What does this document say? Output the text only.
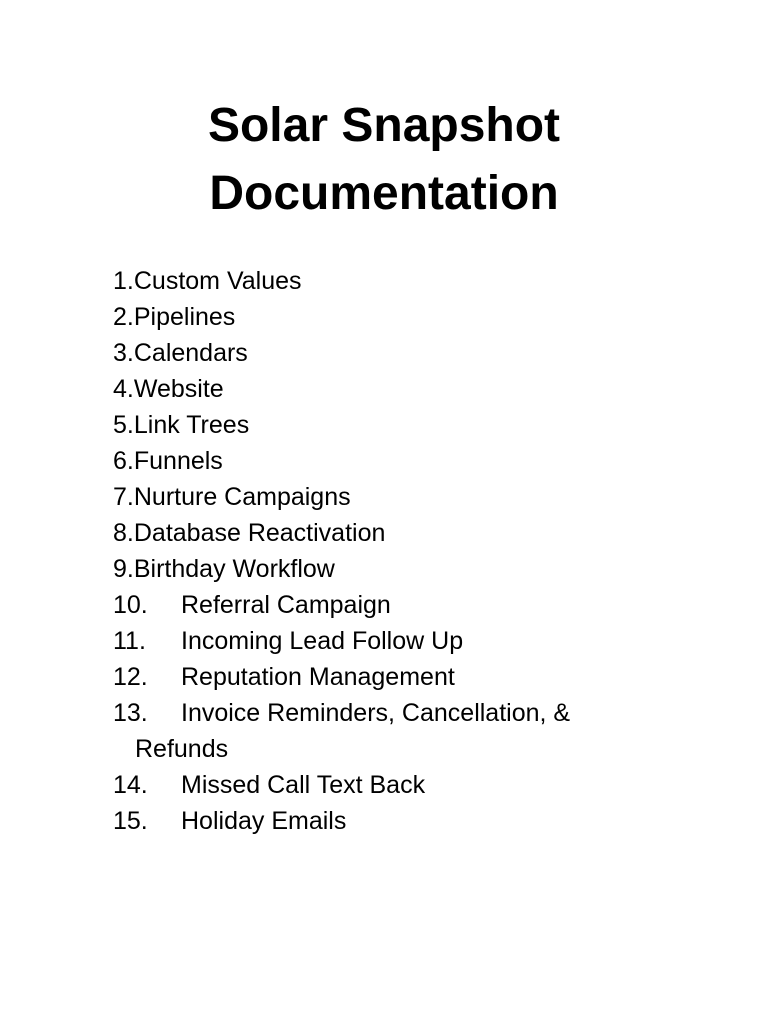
Solar Snapshot
Documentation
1.Custom Values
2.Pipelines
3.Calendars
4.Website
5.Link Trees
6.Funnels
7.Nurture Campaigns
8.Database Reactivation
9.Birthday Workflow
10. Referral Campaign
11. Incoming Lead Follow Up
12. Reputation Management
13. Invoice Reminders, Cancellation, &
Refunds
14. Missed Call Text Back
15. Holiday Emails
